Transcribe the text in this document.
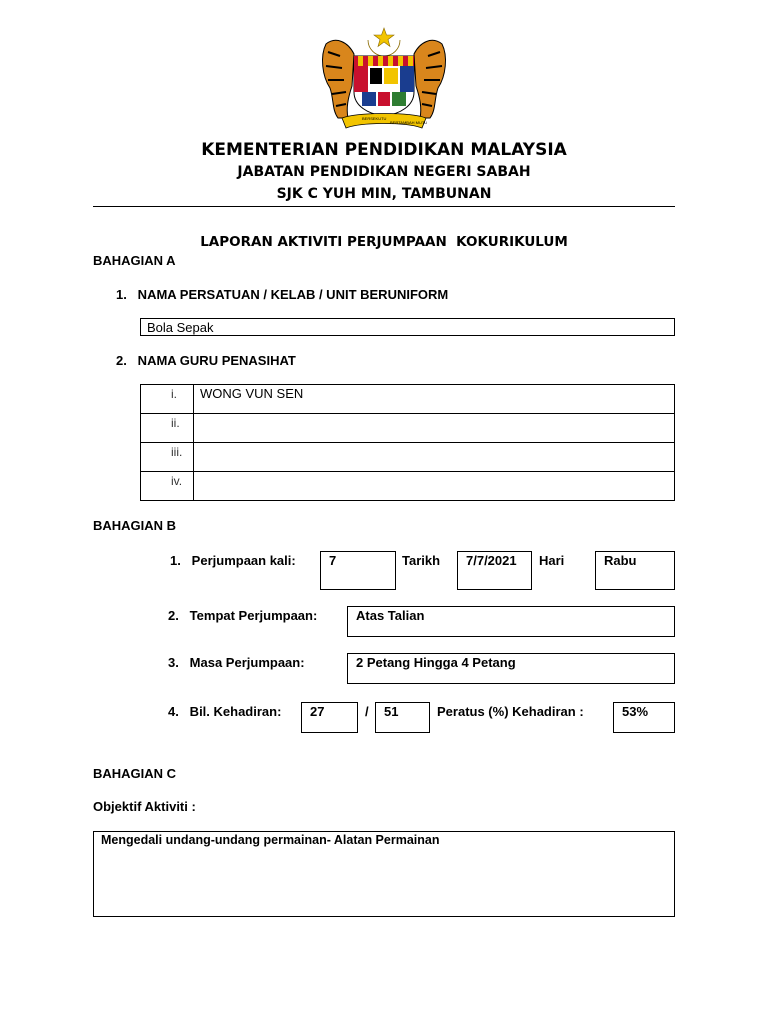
BERSEKUTU
BERTAMBAH MUTU
KEMENTERIAN PENDIDIKAN MALAYSIA
JABATAN PENDIDIKAN NEGERI SABAH
SJK C YUH MIN, TAMBUNAN
LAPORAN AKTIVITI PERJUMPAAN  KOKURIKULUM
BAHAGIAN A
1.   NAMA PERSATUAN / KELAB / UNIT BERUNIFORM
Bola Sepak
2.   NAMA GURU PENASIHAT
i.	WONG VUN SEN
ii.	
iii.	
iv.	
BAHAGIAN B
1.   Perjumpaan kali:	7	Tarikh	7/7/2021	Hari	Rabu
2.   Tempat Perjumpaan:	Atas Talian
3.   Masa Perjumpaan:	2 Petang Hingga 4 Petang
4.   Bil. Kehadiran:	27	/	51	Peratus (%) Kehadiran :	53%
BAHAGIAN C
Objektif Aktiviti :
Mengedali undang-undang permainan- Alatan Permainan
